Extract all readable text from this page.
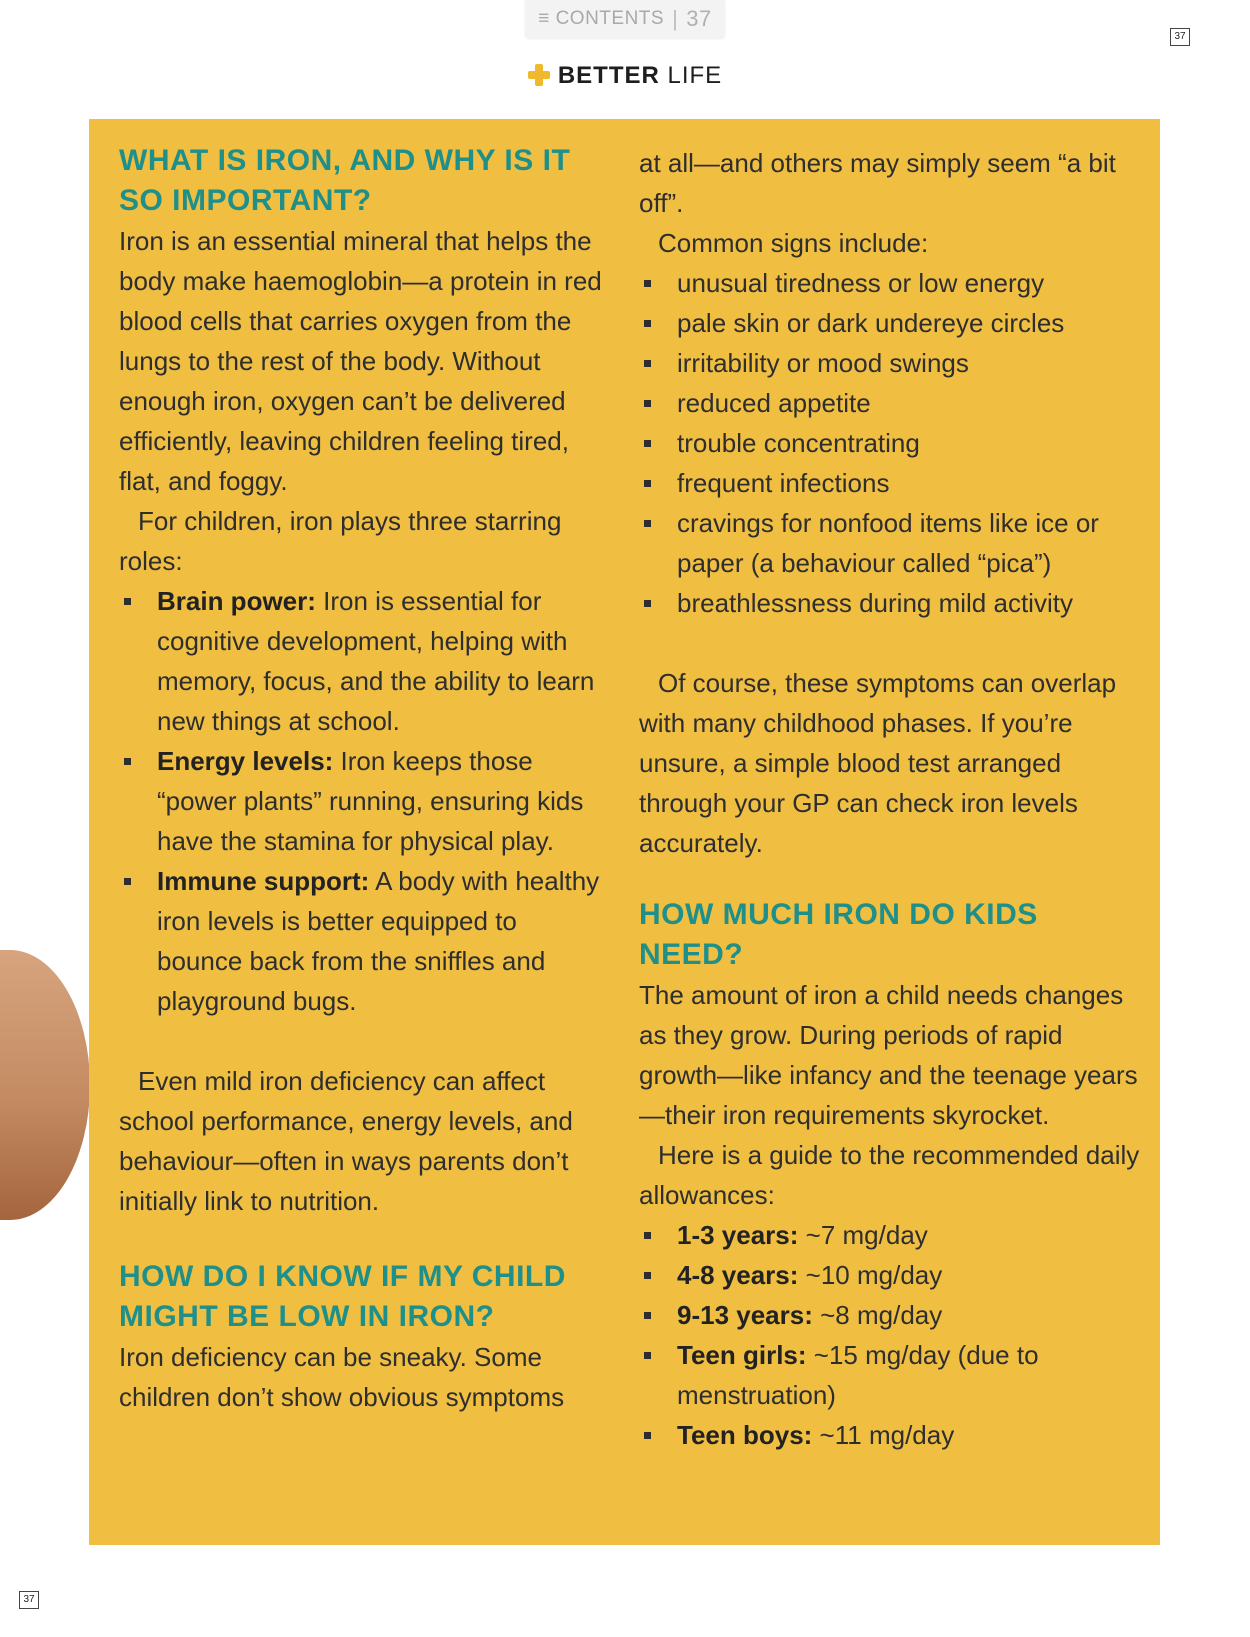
≡ CONTENTS | 37
37
37
BETTER LIFE
WHAT IS IRON, AND WHY IS IT SO IMPORTANT?

Iron is an essential mineral that helps the body make haemoglobin—a protein in red blood cells that carries oxygen from the lungs to the rest of the body. Without enough iron, oxygen can’t be delivered efficiently, leaving children feeling tired, flat, and foggy.

For children, iron plays three starring roles:

Brain power: Iron is essential for cognitive development, helping with memory, focus, and the ability to learn new things at school.
Energy levels: Iron keeps those “power plants” running, ensuring kids have the stamina for physical play.
Immune support: A body with healthy iron levels is better equipped to bounce back from the sniffles and playground bugs.

Even mild iron deficiency can affect school performance, energy levels, and behaviour—often in ways parents don’t initially link to nutrition.

HOW DO I KNOW IF MY CHILD MIGHT BE LOW IN IRON?

Iron deficiency can be sneaky. Some children don’t show obvious symptoms

at all—and others may simply seem “a bit off”.

Common signs include:

unusual tiredness or low energy
pale skin or dark undereye circles
irritability or mood swings
reduced appetite
trouble concentrating
frequent infections
cravings for nonfood items like ice or paper (a behaviour called “pica”)
breathlessness during mild activity

Of course, these symptoms can overlap with many childhood phases. If you’re unsure, a simple blood test arranged through your GP can check iron levels accurately.

HOW MUCH IRON DO KIDS NEED?

The amount of iron a child needs changes as they grow. During periods of rapid growth—like infancy and the teenage years—their iron requirements skyrocket.

Here is a guide to the recommended daily allowances:

1-3 years: ~7 mg/day
4-8 years: ~10 mg/day
9-13 years: ~8 mg/day
Teen girls: ~15 mg/day (due to menstruation)
Teen boys: ~11 mg/day
